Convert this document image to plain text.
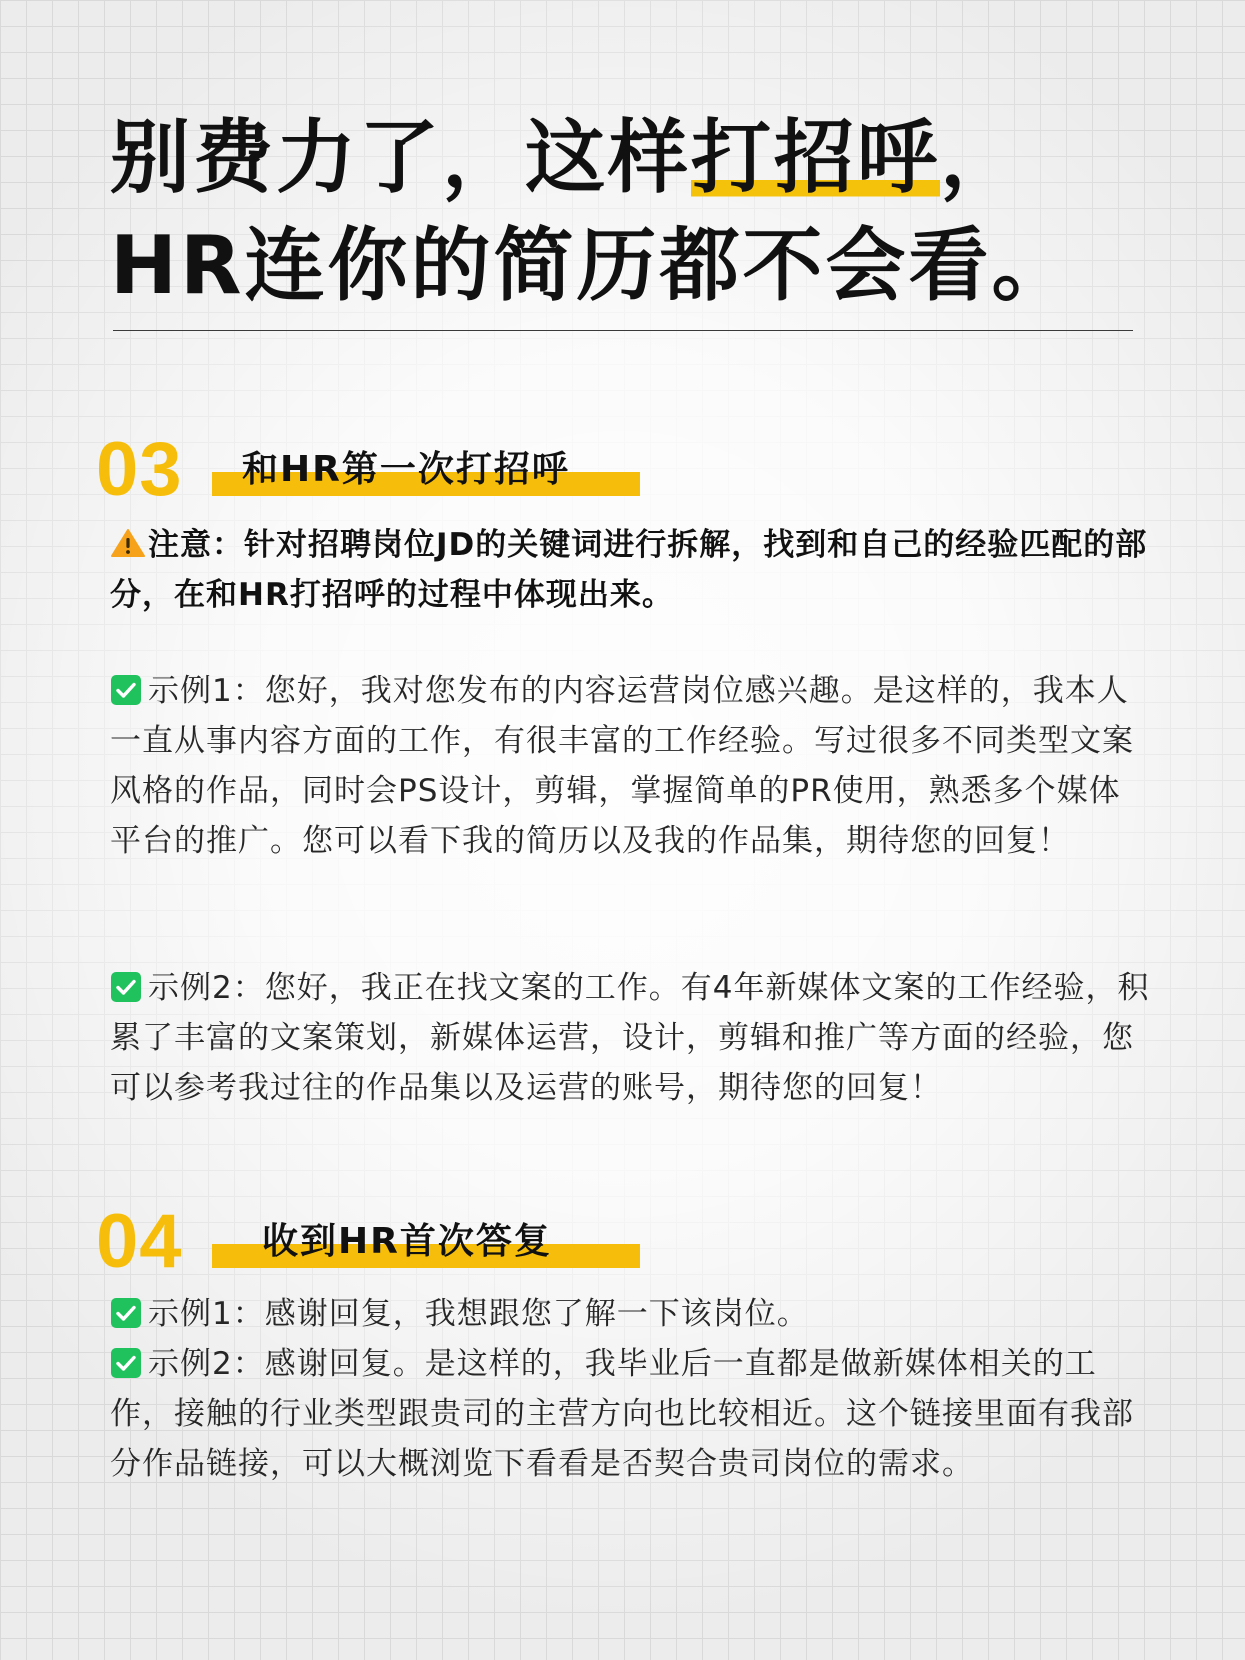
别费力了，这样打招呼，
HR连你的简历都不会看。
03 和HR第一次打招呼

注意：针对招聘岗位JD的关键词进行拆解，找到和自己的经验匹配的部分，在和HR打招呼的过程中体现出来。

示例1：您好，我对您发布的内容运营岗位感兴趣。是这样的，我本人一直从事内容方面的工作，有很丰富的工作经验。写过很多不同类型文案风格的作品，同时会PS设计，剪辑，掌握简单的PR使用，熟悉多个媒体平台的推广。您可以看下我的简历以及我的作品集，期待您的回复！

示例2：您好，我正在找文案的工作。有4年新媒体文案的工作经验，积累了丰富的文案策划，新媒体运营，设计，剪辑和推广等方面的经验，您可以参考我过往的作品集以及运营的账号，期待您的回复！

04 收到HR首次答复
示例1：感谢回复，我想跟您了解一下该岗位。
示例2：感谢回复。是这样的，我毕业后一直都是做新媒体相关的工作，接触的行业类型跟贵司的主营方向也比较相近。这个链接里面有我部分作品链接，可以大概浏览下看看是否契合贵司岗位的需求。
